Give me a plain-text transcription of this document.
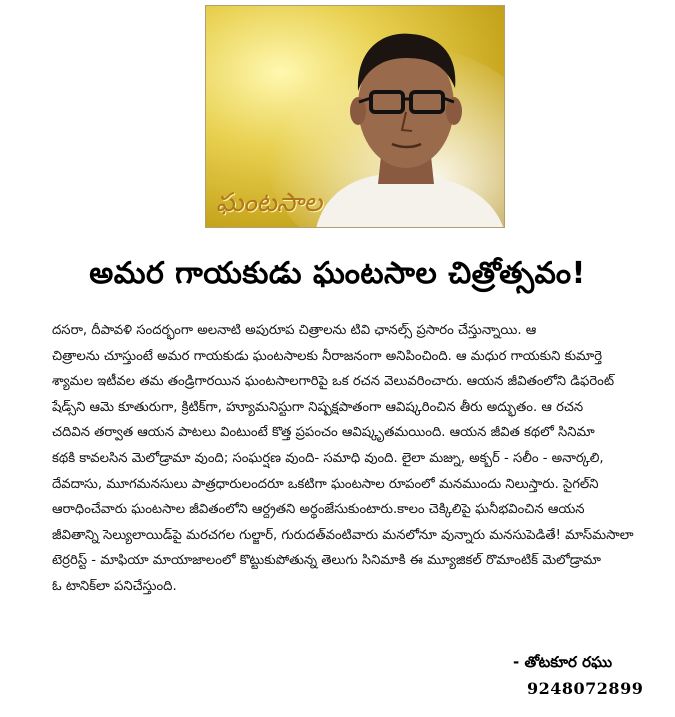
ఘంటసాల
అమర గాయకుడు ఘంటసాల చిత్రోత్సవం!
దసరా, దీపావళి సందర్భంగా అలనాటి అపురూప చిత్రాలను టివి ఛానల్స్ ప్రసారం చేస్తున్నాయి. ఆ
చిత్రాలను చూస్తుంటే అమర గాయకుడు ఘంటసాలకు నీరాజనంగా అనిపించింది. ఆ మధుర గాయకుని కుమార్తె
శ్యామల ఇటీవల తమ తండ్రిగారయిన ఘంటసాలగారిపై ఒక రచన వెలువరించారు. ఆయన జీవితంలోని డిఫరెంట్
షేడ్స్‌ని ఆమె కూతురుగా, క్రిటిక్‌గా, హ్యూమనిస్టుగా నిష్పక్షపాతంగా ఆవిష్కరించిన తీరు అద్భుతం. ఆ రచన
చదివిన తర్వాత ఆయన పాటలు వింటుంటే కొత్త ప్రపంచం ఆవిష్కృతమయింది. ఆయన జీవిత కథలో సినిమా
కథకి కావలసిన మెలోడ్రామా వుంది; సంఘర్షణ వుంది- సమాధి వుంది. లైలా మజ్ను, అక్బర్ - సలీం - అనార్కలి,
దేవదాసు, మూగమనసులు పాత్రధారులందరూ ఒకటిగా ఘంటసాల రూపంలో మనముందు నిలుస్తారు. సైగల్‌ని
ఆరాధించేవారు ఘంటసాల జీవితంలోని ఆర్ద్రతని అర్థంజేసుకుంటారు.కాలం చెక్కిలిపై ఘనీభవించిన ఆయన
జీవితాన్ని సెల్యులాయిడ్‌పై మరచగల గుల్జార్, గురుదత్‌వంటివారు మనలోనూ వున్నారు మనసుపెడితే! మాస్‌మసాలా
టెర్రరిస్ట్ - మాఫియా మాయాజాలంలో కొట్టుకుపోతున్న తెలుగు సినిమాకి ఈ మ్యూజికల్ రొమాంటిక్ మెలోడ్రామా
ఓ టానిక్‌లా పనిచేస్తుంది.
- తోటకూర రఘు
9248072899
